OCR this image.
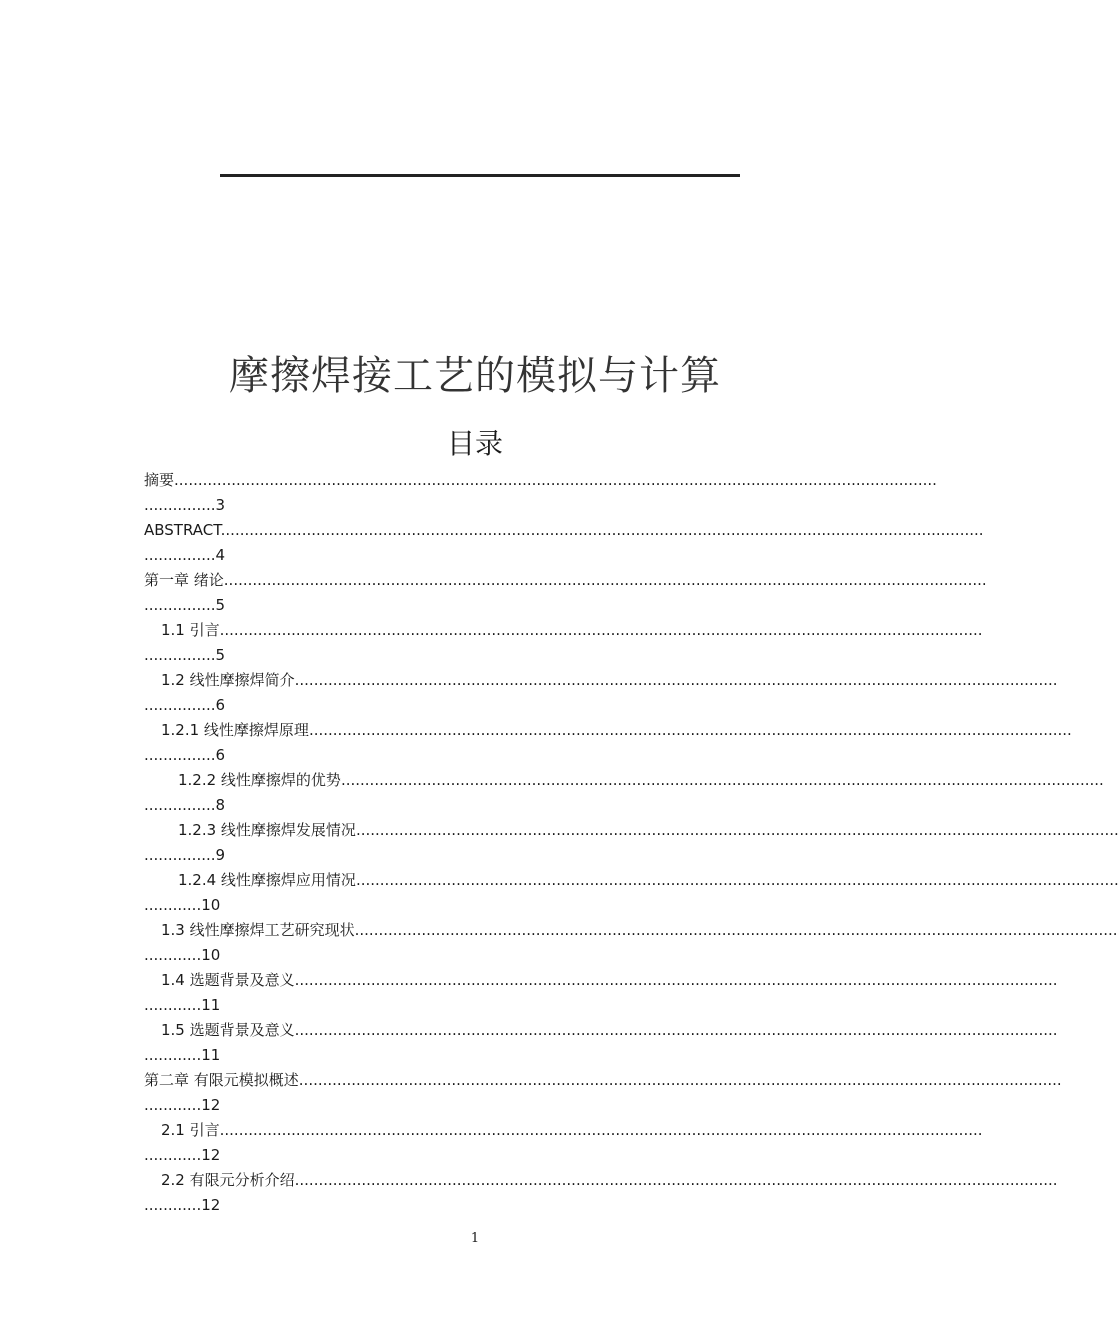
摩擦焊接工艺的模拟与计算
目录
摘要................................................................................................................................................................
...............3
ABSTRACT................................................................................................................................................................
...............4
第一章 绪论................................................................................................................................................................
...............5
1.1 引言................................................................................................................................................................
...............5
1.2 线性摩擦焊简介................................................................................................................................................................
...............6
1.2.1 线性摩擦焊原理................................................................................................................................................................
...............6
1.2.2 线性摩擦焊的优势................................................................................................................................................................
...............8
1.2.3 线性摩擦焊发展情况................................................................................................................................................................
...............9
1.2.4 线性摩擦焊应用情况................................................................................................................................................................
............10
1.3 线性摩擦焊工艺研究现状................................................................................................................................................................
............10
1.4 选题背景及意义................................................................................................................................................................
............11
1.5 选题背景及意义................................................................................................................................................................
............11
第二章 有限元模拟概述................................................................................................................................................................
............12
2.1 引言................................................................................................................................................................
............12
2.2 有限元分析介绍................................................................................................................................................................
............12
1
